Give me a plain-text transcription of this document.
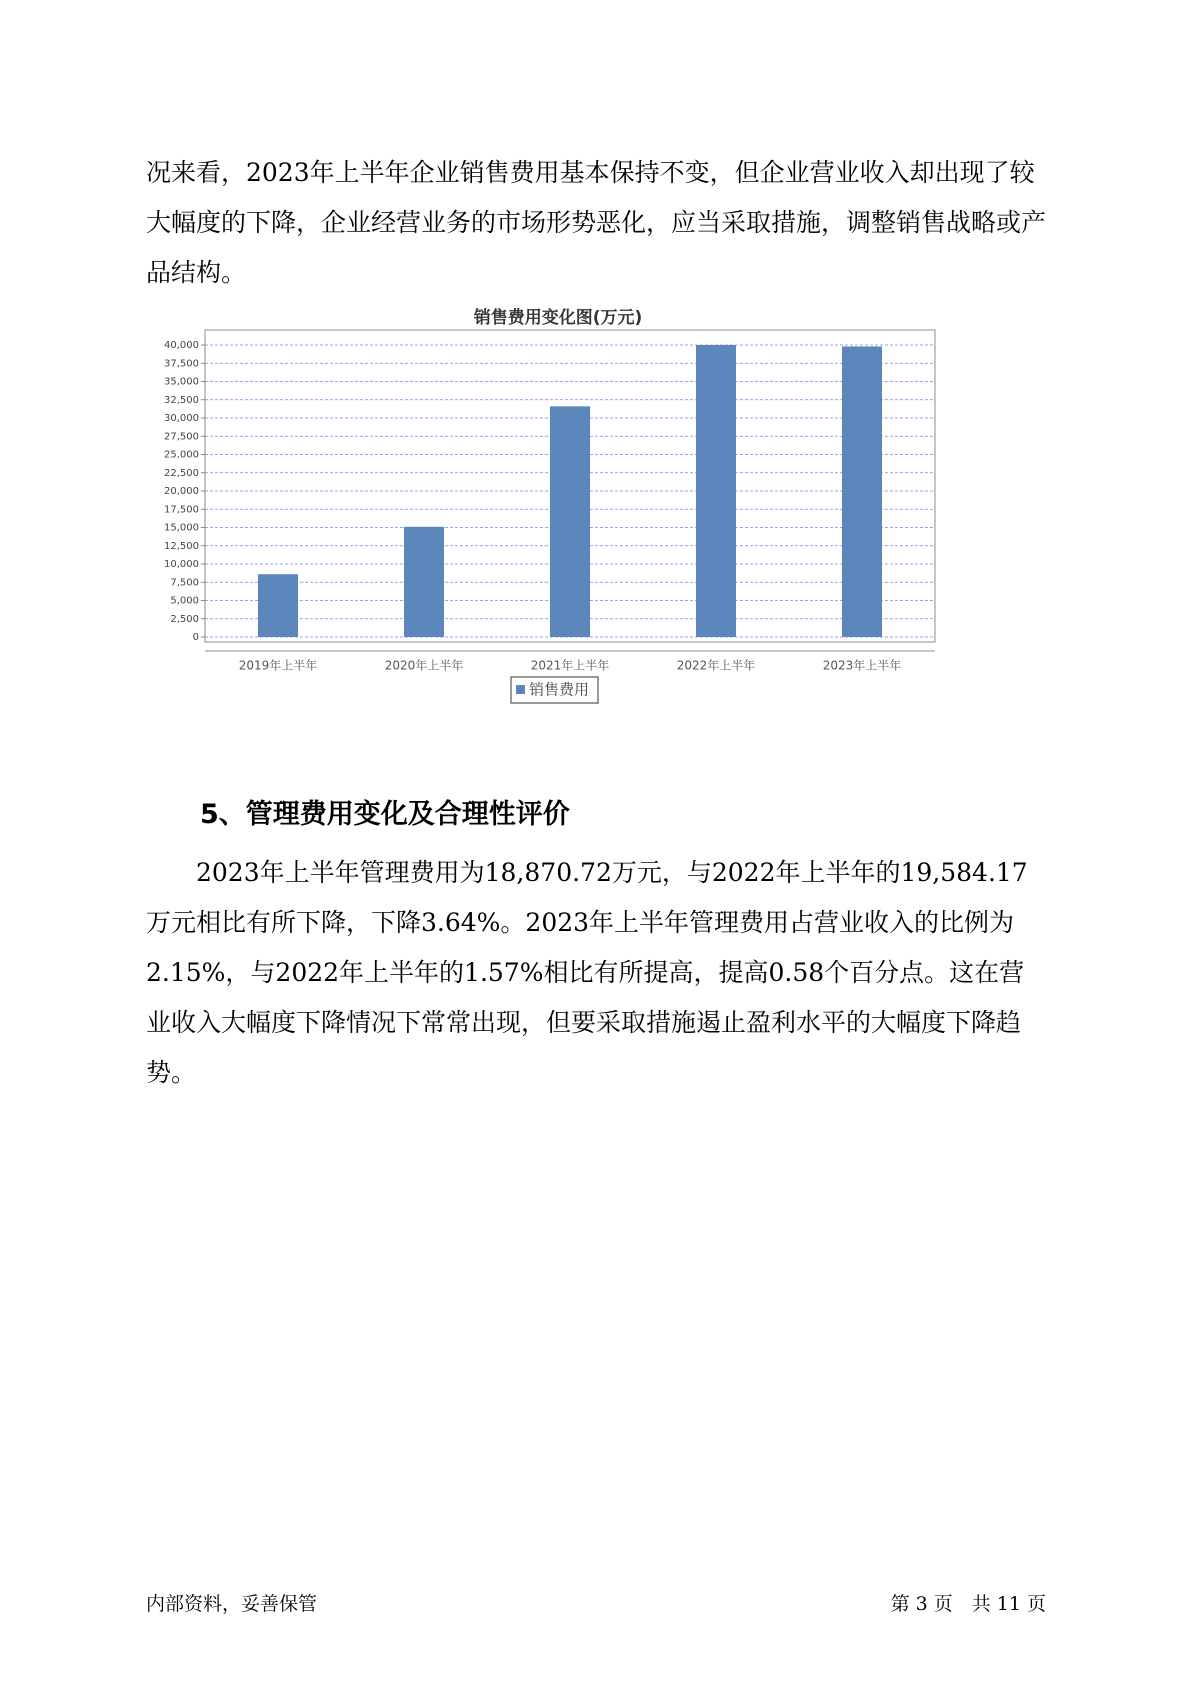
况来看，2023年上半年企业销售费用基本保持不变，但企业营业收入却出现了较大幅度的下降，企业经营业务的市场形势恶化，应当采取措施，调整销售战略或产品结构。

销售费用变化图(万元)
0
2,500
5,000
7,500
10,000
12,500
15,000
17,500
20,000
22,500
25,000
27,500
30,000
32,500
35,000
37,500
40,000
2019年上半年	2020年上半年	2021年上半年	2022年上半年	2023年上半年
销售费用
5、管理费用变化及合理性评价

2023年上半年管理费用为18,870.72万元，与2022年上半年的19,584.17万元相比有所下降，下降3.64%。2023年上半年管理费用占营业收入的比例为2.15%，与2022年上半年的1.57%相比有所提高，提高0.58个百分点。这在营业收入大幅度下降情况下常常出现，但要采取措施遏止盈利水平的大幅度下降趋势。

内部资料，妥善保管	第 3 页　共 11 页
